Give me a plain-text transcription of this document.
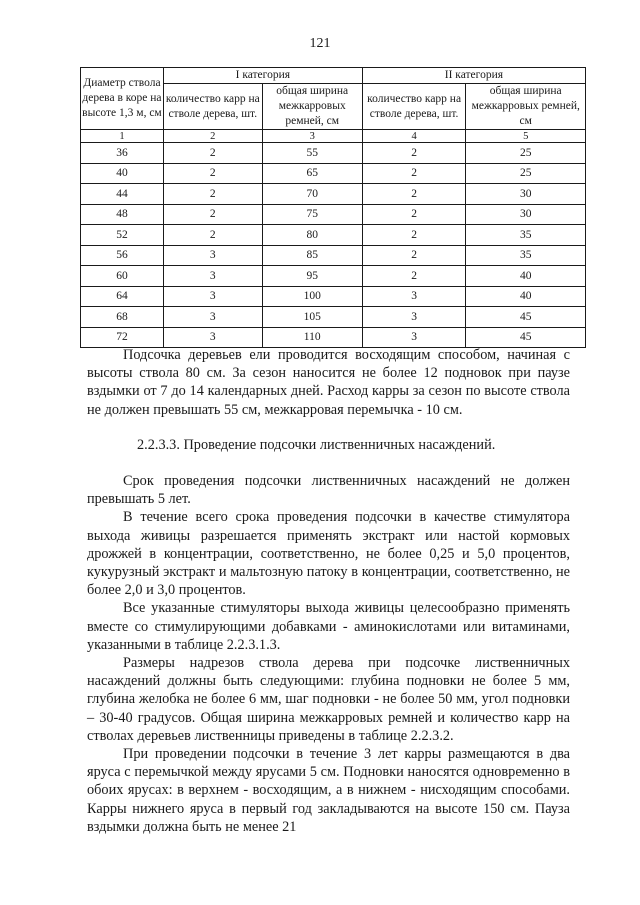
121
Диаметр ствола дерева в коре на высоте 1,3 м, см	I категория		II категория	
	количество карр на стволе дерева, шт.	общая ширина межкарровых ремней, см	количество карр на стволе дерева, шт.	общая ширина межкарровых ремней, см
1	2	3	4	5
36	2	55	2	25
40	2	65	2	25
44	2	70	2	30
48	2	75	2	30
52	2	80	2	35
56	3	85	2	35
60	3	95	2	40
64	3	100	3	40
68	3	105	3	45
72	3	110	3	45

Подсочка деревьев ели проводится восходящим способом, начиная с высоты ствола 80 см. За сезон наносится не более 12 подновок при паузе вздымки от 7 до 14 календарных дней. Расход карры за сезон по высоте ствола не должен превышать 55 см, межкарровая перемычка - 10 см.

2.2.3.3. Проведение подсочки лиственничных насаждений.

Срок проведения подсочки лиственничных насаждений не должен превышать 5 лет.

В течение всего срока проведения подсочки в качестве стимулятора выхода живицы разрешается применять экстракт или настой кормовых дрожжей в концентрации, соответственно, не более 0,25 и 5,0 процентов, кукурузный экстракт и мальтозную патоку в концентрации, соответственно, не более 2,0 и 3,0 процентов.

Все указанные стимуляторы выхода живицы целесообразно применять вместе со стимулирующими добавками - аминокислотами или витаминами, указанными в таблице 2.2.3.1.3.

Размеры надрезов ствола дерева при подсочке лиственничных насаждений должны быть следующими: глубина подновки не более 5 мм, глубина желобка не более 6 мм, шаг подновки - не более 50 мм, угол подновки – 30-40 градусов. Общая ширина межкарровых ремней и количество карр на стволах деревьев лиственницы приведены в таблице 2.2.3.2.

При проведении подсочки в течение 3 лет карры размещаются в два яруса с перемычкой между ярусами 5 см. Подновки наносятся одновременно в обоих ярусах: в верхнем - восходящим, а в нижнем - нисходящим способами. Карры нижнего яруса в первый год закладываются на высоте 150 см. Пауза вздымки должна быть не менее 21
